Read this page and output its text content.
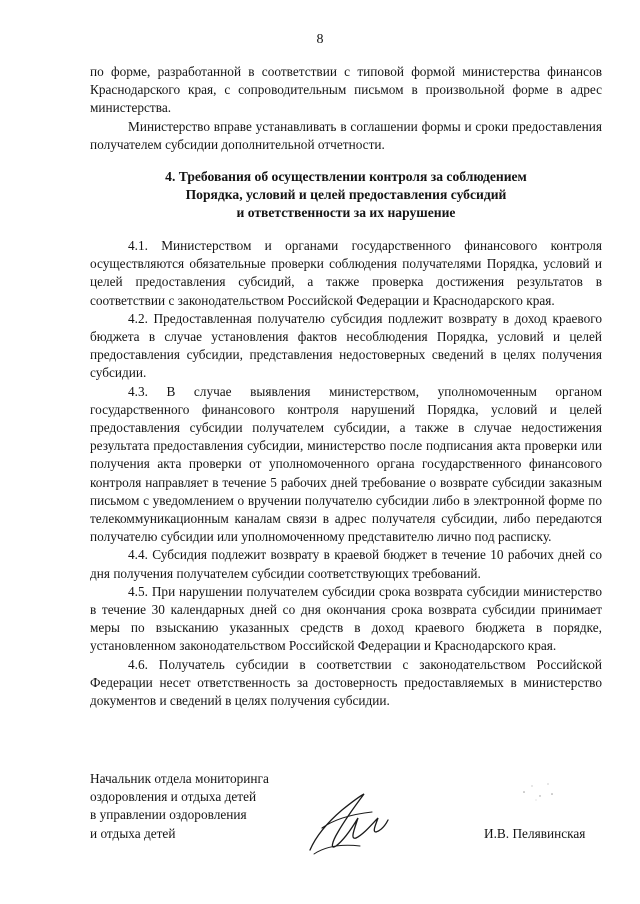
8

по форме, разработанной в соответствии с типовой формой министерства финансов Краснодарского края, с сопроводительным письмом в произвольной форме в адрес министерства.

Министерство вправе устанавливать в соглашении формы и сроки предоставления получателем субсидии дополнительной отчетности.

4. Требования об осуществлении контроля за соблюдением
Порядка, условий и целей предоставления субсидий
и ответственности за их нарушение

4.1. Министерством и органами государственного финансового контроля осуществляются обязательные проверки соблюдения получателями Порядка, условий и целей предоставления субсидий, а также проверка достижения результатов в соответствии с законодательством Российской Федерации и Краснодарского края.

4.2. Предоставленная получателю субсидия подлежит возврату в доход краевого бюджета в случае установления фактов несоблюдения Порядка, условий и целей предоставления субсидии, представления недостоверных сведений в целях получения субсидии.

4.3. В случае выявления министерством, уполномоченным органом государственного финансового контроля нарушений Порядка, условий и целей предоставления субсидии получателем субсидии, а также в случае недостижения результата предоставления субсидии, министерство после подписания акта проверки или получения акта проверки от уполномоченного органа государственного финансового контроля направляет в течение 5 рабочих дней требование о возврате субсидии заказным письмом с уведомлением о вручении получателю субсидии либо в электронной форме по телекоммуникационным каналам связи в адрес получателя субсидии, либо передаются получателю субсидии или уполномоченному представителю лично под расписку.

4.4. Субсидия подлежит возврату в краевой бюджет в течение 10 рабочих дней со дня получения получателем субсидии соответствующих требований.

4.5. При нарушении получателем субсидии срока возврата субсидии министерство в течение 30 календарных дней со дня окончания срока возврата субсидии принимает меры по взысканию указанных средств в доход краевого бюджета в порядке, установленном законодательством Российской Федерации и Краснодарского края.

4.6. Получатель субсидии в соответствии с законодательством Российской Федерации несет ответственность за достоверность предоставляемых в министерство документов и сведений в целях получения субсидии.

Начальник отдела мониторинга
оздоровления и отдыха детей
в управлении оздоровления
и отдыха детей	И.В. Пелявинская
